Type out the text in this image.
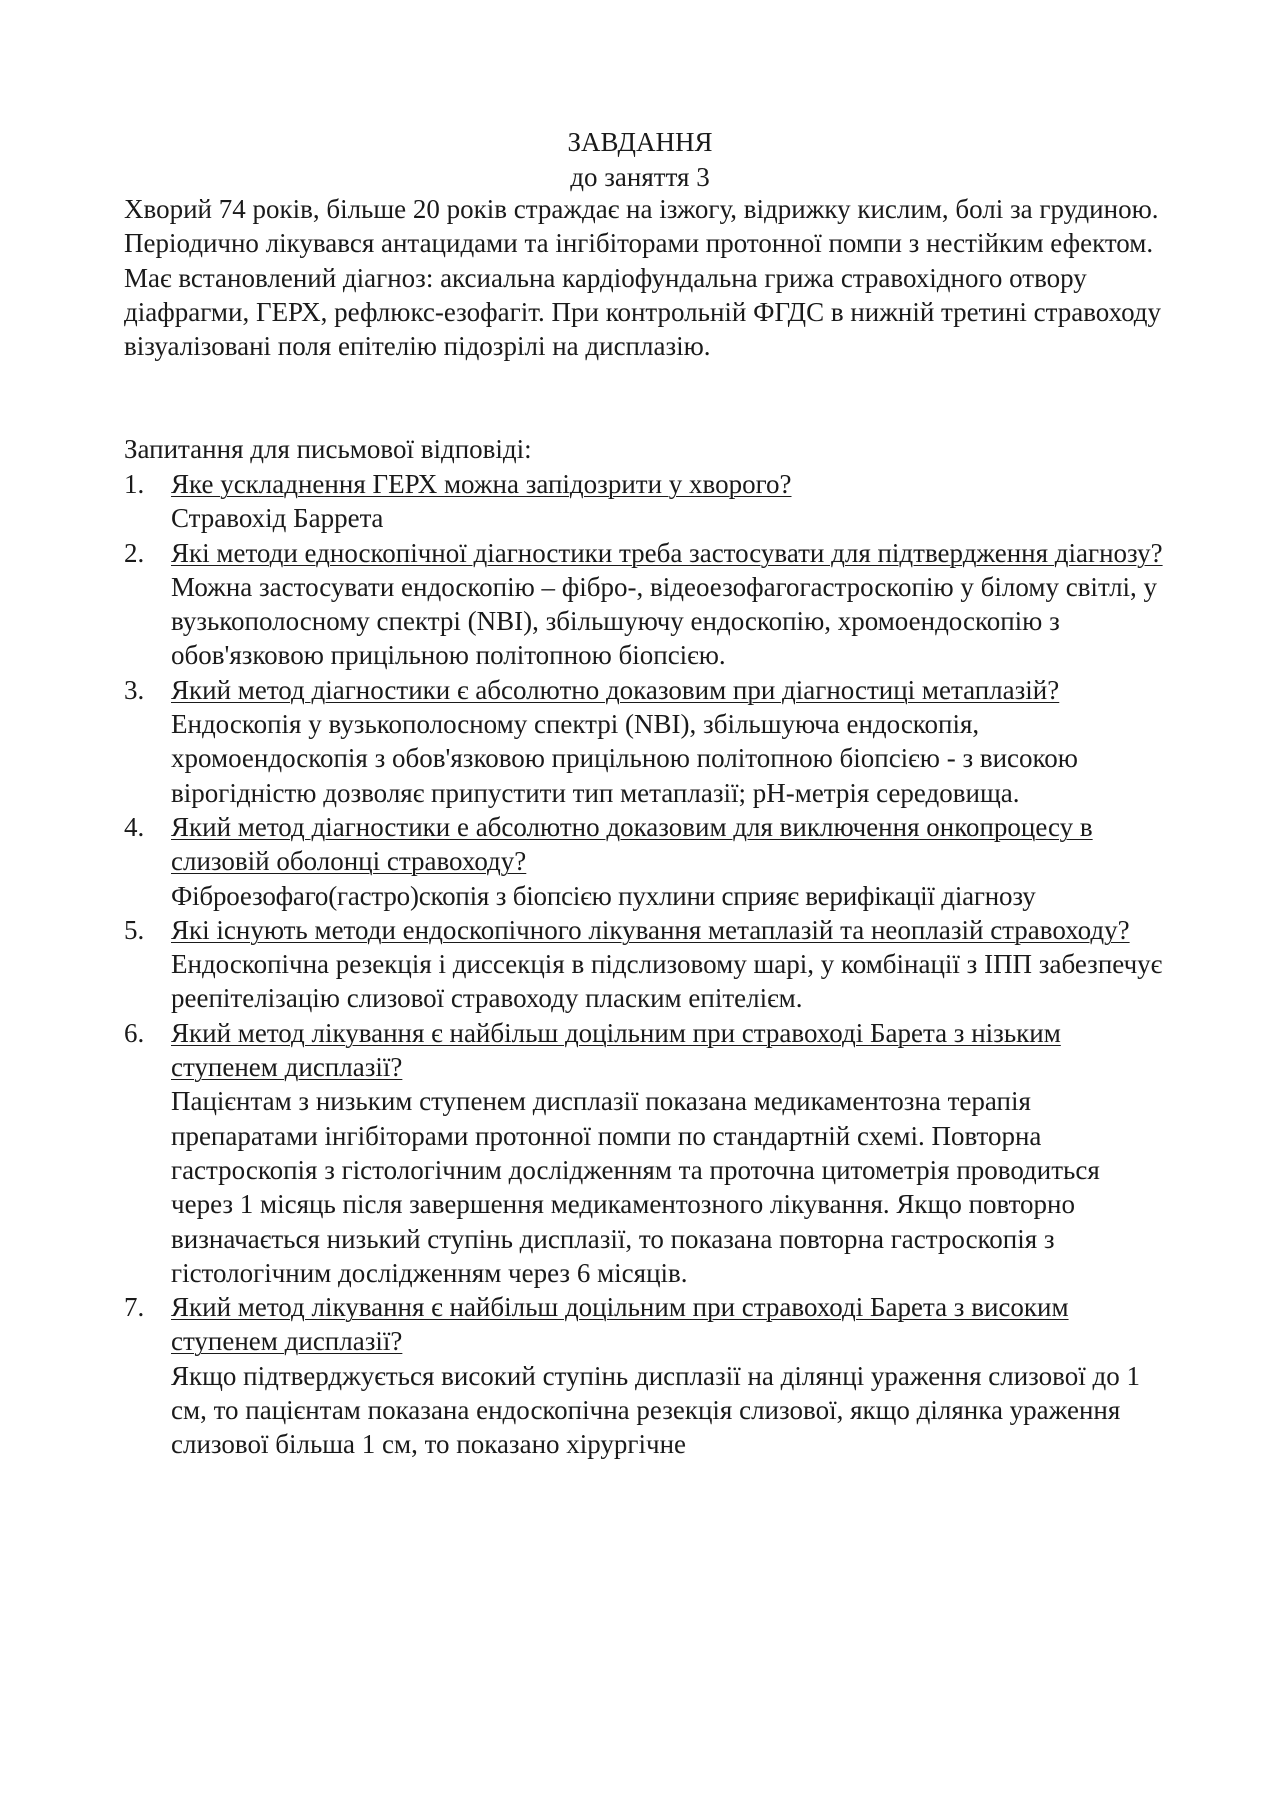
ЗАВДАННЯ
до заняття 3
Хворий 74 років, більше 20 років страждає на ізжогу, відрижку кислим, болі за грудиною. Періодично лікувався антацидами та інгібіторами протонної помпи з нестійким ефектом. Має встановлений діагноз: аксиальна кардіофундальна грижа стравохідного отвору діафрагми, ГЕРХ, рефлюкс-езофагіт. При контрольній ФГДС в нижній третині стравоходу візуалізовані поля епітелію підозрілі на дисплазію.
Запитання для письмової відповіді:
1. Яке ускладнення ГЕРХ можна запідозрити у хворого?
Стравохід Барретa
2. Які методи едноскопічної діагностики треба застосувати для підтвердження діагнозу?
Можна застосувати ендоскопію – фібро-, відеоезофагогастроскопію у білому світлі, у вузькополосному спектрі (NBI), збільшуючу ендоскопію, хромоендоскопію з обов'язковою прицільною політопною біопсією.
3. Який метод діагностики є абсолютно доказовим при діагностиці метаплазій?
Ендоскопія у вузькополосному спектрі (NBI), збільшуюча ендоскопія, хромоендоскопія з обов'язковою прицільною політопною біопсією - з високою вірогідністю дозволяє припустити тип метаплазії; рН-метрія середовища.
4. Який метод діагностики е абсолютно доказовим для виключення онкопроцесу в слизовій оболонці стравоходу?
Фіброезофаго(гастро)скопія з біопсією пухлини сприяє верифікації діагнозу
5. Які існують методи ендоскопічного лікування метаплазій та неоплазій стравоходу?
Ендоскопічна резекція і диссекція в підслизовому шарі, у комбінації з ІПП забезпечує реепітелізацію слизової стравоходу пласким епітелієм.
6. Який метод лікування є найбільш доцільним при стравоході Барета з нізьким ступенем дисплазії?
Пацієнтам з низьким ступенем дисплазії показана медикаментозна терапія препаратами інгібіторами протонної помпи по стандартній схемі. Повторна гастроскопія з гістологічним дослідженням та проточна цитометрія проводиться через 1 місяць після завершення медикаментозного лікування. Якщо повторно визначається низький ступінь дисплазії, то показана повторна гастроскопія з гістологічним дослідженням через 6 місяців.
7. Який метод лікування є найбільш доцільним при стравоході Барета з високим ступенем дисплазії?
Якщо підтверджується високий ступінь дисплазії на ділянці ураження слизової до 1 см, то пацієнтам показана ендоскопічна резекція слизової, якщо ділянка ураження слизової більша 1 см, то показано хірургічне
